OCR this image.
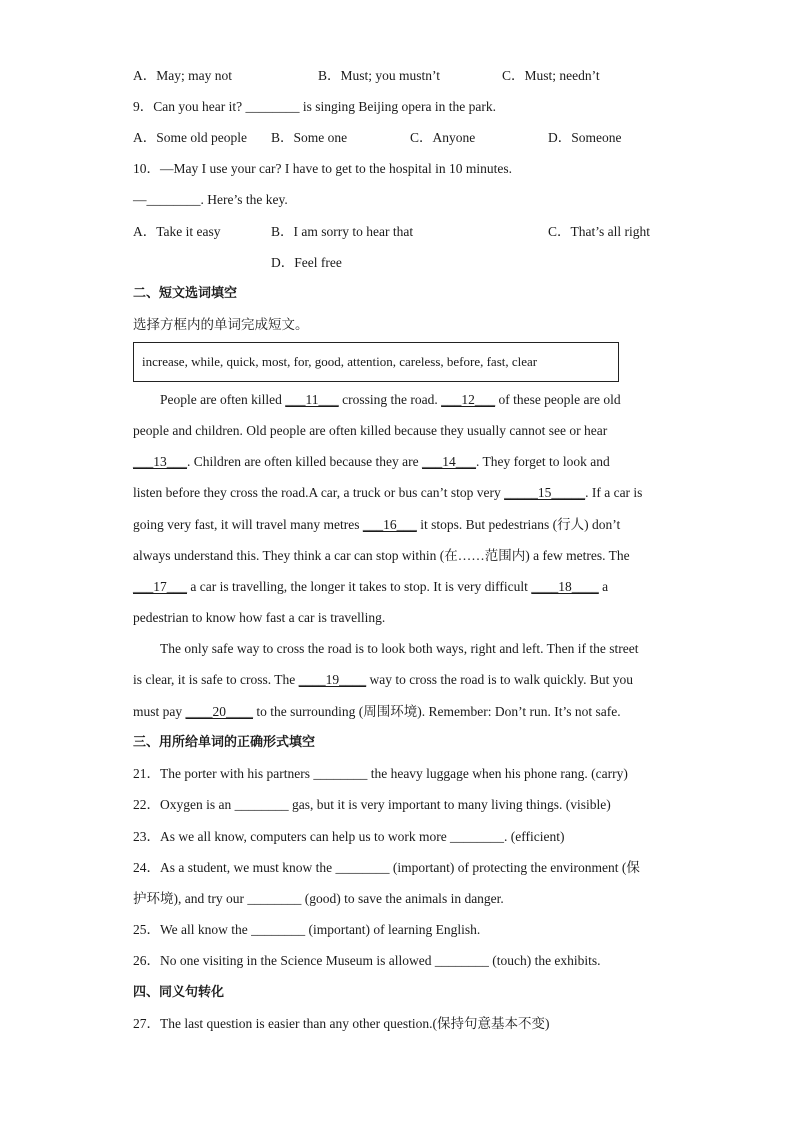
A．May; may not	B．Must; you mustn’t	C．Must; needn’t
9．Can you hear it? ________ is singing Beijing opera in the park.
A．Some old people B．Some one	C．Anyone	D．Someone
10．—May I use your car? I have to get to the hospital in 10 minutes.
—________. Here’s the key.
A．Take it easy	B．I am sorry to hear that	C．That’s all right
D．Feel free
二、短文选词填空
选择方框内的单词完成短文。
increase, while, quick, most, for, good, attention, careless, before, fast, clear
People are often killed ___11___ crossing the road. ___12___ of these people are old
people and children. Old people are often killed because they usually cannot see or hear
___13___. Children are often killed because they are ___14___. They forget to look and
listen before they cross the road.A car, a truck or bus can’t stop very _____15_____. If a car is
going very fast, it will travel many metres ___16___ it stops. But pedestrians (行人) don’t
always understand this. They think a car can stop within (在……范围内) a few metres. The
___17___ a car is travelling, the longer it takes to stop. It is very difficult ____18____ a
pedestrian to know how fast a car is travelling.
The only safe way to cross the road is to look both ways, right and left. Then if the street
is clear, it is safe to cross. The ____19____ way to cross the road is to walk quickly. But you
must pay ____20____ to the surrounding (周围环境). Remember: Don’t run. It’s not safe.
三、用所给单词的正确形式填空
21．The porter with his partners ________ the heavy luggage when his phone rang. (carry)
22．Oxygen is an ________ gas, but it is very important to many living things. (visible)
23．As we all know, computers can help us to work more ________. (efficient)
24．As a student, we must know the ________ (important) of protecting the environment (保
护环境), and try our ________ (good) to save the animals in danger.
25．We all know the ________ (important) of learning English.
26．No one visiting in the Science Museum is allowed ________ (touch) the exhibits.
四、同义句转化
27．The last question is easier than any other question.(保持句意基本不变)
